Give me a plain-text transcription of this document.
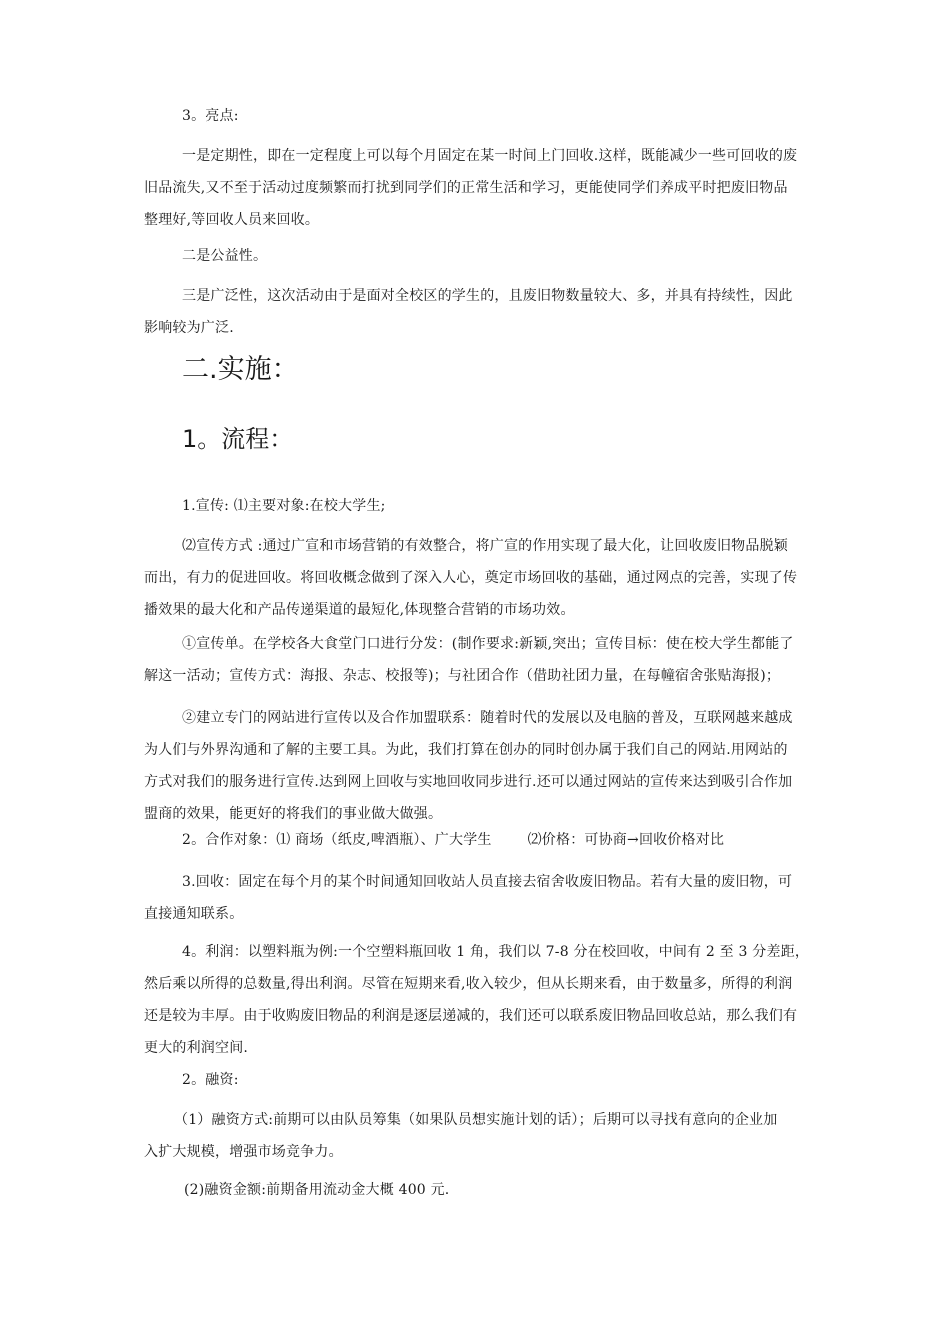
3。亮点:

一是定期性，即在一定程度上可以每个月固定在某一时间上门回收.这样，既能减少一些可回收的废
旧品流失,又不至于活动过度频繁而打扰到同学们的正常生活和学习，更能使同学们养成平时把废旧物品
整理好,等回收人员来回收。

二是公益性。

三是广泛性，这次活动由于是面对全校区的学生的，且废旧物数量较大、多，并具有持续性，因此
影响较为广泛.

二.实施：
1。流程：

1.宣传: ⑴主要对象:在校大学生;

⑵宣传方式 :通过广宣和市场营销的有效整合，将广宣的作用实现了最大化，让回收废旧物品脱颖
而出，有力的促进回收。将回收概念做到了深入人心，奠定市场回收的基础，通过网点的完善，实现了传
播效果的最大化和产品传递渠道的最短化,体现整合营销的市场功效。

①宣传单。在学校各大食堂门口进行分发：(制作要求:新颖,突出；宣传目标：使在校大学生都能了
解这一活动；宣传方式：海报、杂志、校报等)；与社团合作（借助社团力量，在每幢宿舍张贴海报)；

②建立专门的网站进行宣传以及合作加盟联系：随着时代的发展以及电脑的普及，互联网越来越成
为人们与外界沟通和了解的主要工具。为此，我们打算在创办的同时创办属于我们自己的网站.用网站的
方式对我们的服务进行宣传.达到网上回收与实地回收同步进行.还可以通过网站的宣传来达到吸引合作加
盟商的效果，能更好的将我们的事业做大做强。

2。合作对象：⑴ 商场（纸皮,啤酒瓶）、广大学生	⑵价格：可协商→回收价格对比

3.回收：固定在每个月的某个时间通知回收站人员直接去宿舍收废旧物品。若有大量的废旧物，可
直接通知联系。

4。利润：以塑料瓶为例:一个空塑料瓶回收 1 角，我们以 7-8 分在校回收，中间有 2 至 3 分差距，
然后乘以所得的总数量,得出利润。尽管在短期来看,收入较少，但从长期来看，由于数量多，所得的利润
还是较为丰厚。由于收购废旧物品的利润是逐层递减的，我们还可以联系废旧物品回收总站，那么我们有
更大的利润空间.

2。融资:

（1）融资方式:前期可以由队员筹集（如果队员想实施计划的话）；后期可以寻找有意向的企业加
入扩大规模，增强市场竞争力。

(2)融资金额:前期备用流动金大概 400 元.
